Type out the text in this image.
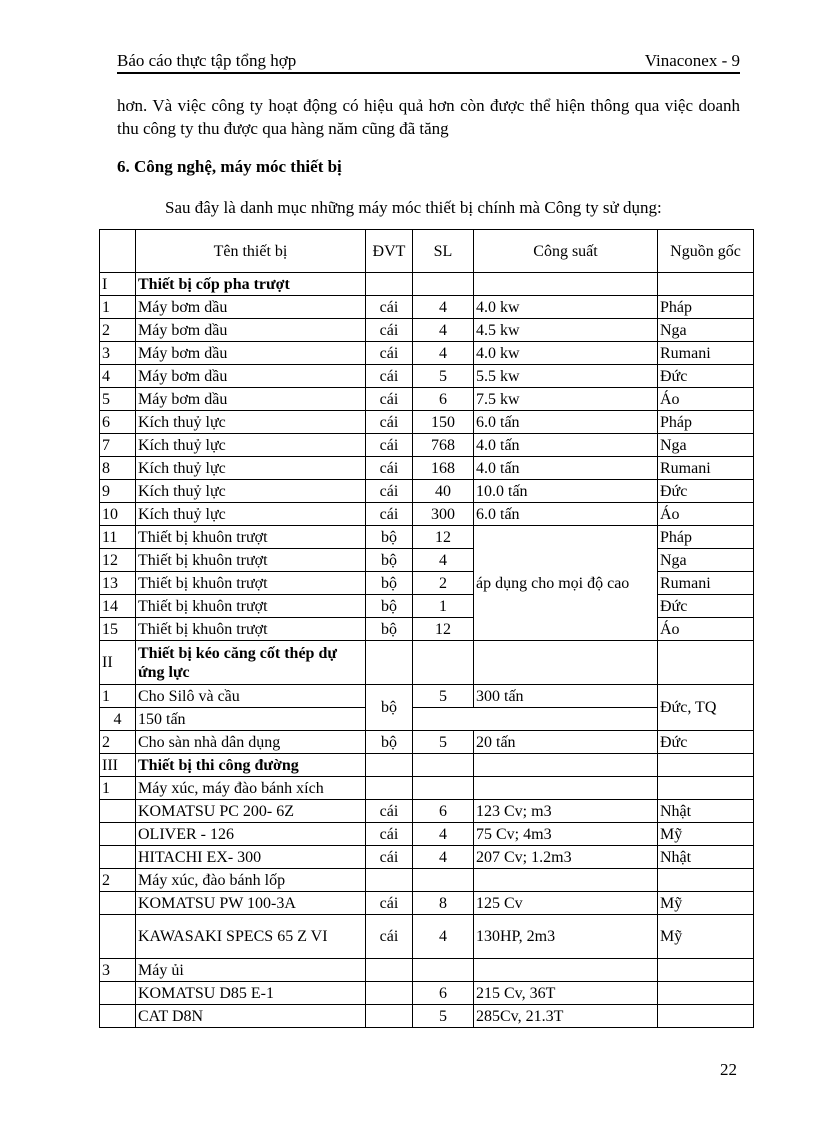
Báo cáo thực tập tổng hợp	Vinaconex - 9
hơn. Và việc công ty hoạt động có hiệu quả hơn còn được thể hiện thông qua việc doanh thu công ty thu được qua hàng năm cũng đã tăng
6. Công nghệ, máy móc thiết bị
Sau đây là danh mục những máy móc thiết bị chính mà Công ty sử dụng:
	Tên thiết bị	ĐVT	SL	Công suất	Nguồn gốc
I	Thiết bị cốp pha trượt				
1	Máy bơm dầu	cái	4	4.0 kw	Pháp
2	Máy bơm dầu	cái	4	4.5 kw	Nga
3	Máy bơm dầu	cái	4	4.0 kw	Rumani
4	Máy bơm dầu	cái	5	5.5 kw	Đức
5	Máy bơm dầu	cái	6	7.5 kw	Áo
6	Kích thuỷ lực	cái	150	6.0 tấn	Pháp
7	Kích thuỷ lực	cái	768	4.0 tấn	Nga
8	Kích thuỷ lực	cái	168	4.0 tấn	Rumani
9	Kích thuỷ lực	cái	40	10.0 tấn	Đức
10	Kích thuỷ lực	cái	300	6.0 tấn	Áo
11	Thiết bị khuôn trượt	bộ	12	áp dụng cho mọi độ cao	Pháp
12	Thiết bị khuôn trượt	bộ	4		Nga
13	Thiết bị khuôn trượt	bộ	2		Rumani
14	Thiết bị khuôn trượt	bộ	1		Đức
15	Thiết bị khuôn trượt	bộ	12		Áo
II	Thiết bị kéo căng cốt thép dự ứng lực				
1	Cho Silô và cầu	bộ	5	300 tấn	Đức, TQ
4	150 tấn				
2	Cho sàn nhà dân dụng	bộ	5	20 tấn	Đức
III	Thiết bị thi công đường				
1	Máy xúc, máy đào bánh xích				
	KOMATSU PC 200- 6Z	cái	6	123 Cv; m3	Nhật
	OLIVER - 126	cái	4	75 Cv; 4m3	Mỹ
	HITACHI EX- 300	cái	4	207 Cv; 1.2m3	Nhật
2	Máy xúc, đào bánh lốp				
	KOMATSU PW 100-3A	cái	8	125 Cv	Mỹ
	KAWASAKI SPECS 65 Z VI	cái	4	130HP, 2m3	Mỹ
3	Máy ủi				
	KOMATSU D85 E-1		6	215 Cv, 36T	
	CAT D8N		5	285Cv, 21.3T	
22
